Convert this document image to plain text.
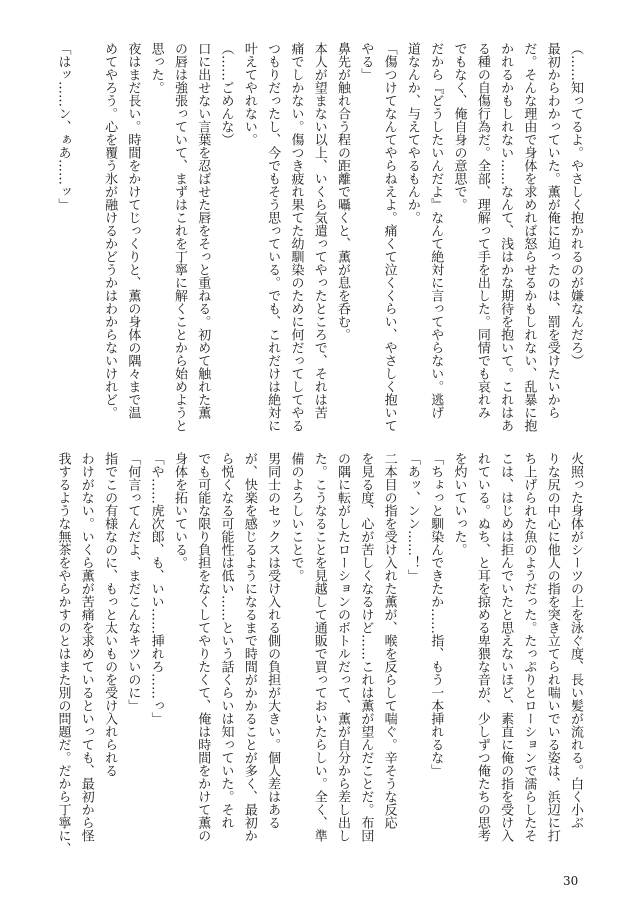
（……知ってるよ。やさしく抱かれるのが嫌なんだろ）
最初からわかっていた。薫が俺に迫ったのは、罰を受けたいから
だ。そんな理由で身体を求めれば怒らせるかもしれない、乱暴に抱
かれるかもしれない……なんて、浅はかな期待を抱いて。これはあ
る種の自傷行為だ。全部、理解って手を出した。同情でも哀れみ
でもなく、俺自身の意思で。
だから『どうしたいんだよ』なんて絶対に言ってやらない。逃げ
道なんか、与えてやるもんか。
「傷つけてなんてやらねえよ。痛くて泣くくらい、やさしく抱いて
やる」
鼻先が触れ合う程の距離で囁くと、薫が息を呑む。
本人が望まない以上、いくら気遣ってやったところで、それは苦
痛でしかない。傷つき疲れ果てた幼馴染のために何だってしてやる
つもりだったし、今でもそう思っている。でも、これだけは絶対に
叶えてやれない。
（……ごめんな）
口に出せない言葉を忍ばせた唇をそっと重ねる。初めて触れた薫
の唇は強張っていて、まずはこれを丁寧に解くことから始めようと
思った。
夜はまだ長い。時間をかけてじっくりと、薫の身体の隅々まで温
めてやろう。心を覆う氷が融けるかどうかはわからないけれど。

「はッ……ン、ぁあ……ッ」
火照った身体がシーツの上を泳ぐ度、長い髪が流れる。白く小ぶ
りな尻の中心に他人の指を突き立てられ喘いでいる姿は、浜辺に打
ち上げられた魚のようだった。たっぷりとローションで濡らしたそ
こは、はじめは拒んでいたと思えないほど、素直に俺の指を受け入
れている。ぬち、と耳を掠める卑猥な音が、少しずつ俺たちの思考
を灼いていった。
「ちょっと馴染んできたか……指、もう一本挿れるな」
「あッ、ンン……！」
二本目の指を受け入れた薫が、喉を反らして喘ぐ。辛そうな反応
を見る度、心が苦しくなるけど……これは薫が望んだことだ。布団
の隅に転がしたローションのボトルだって、薫が自分から差し出し
た。こうなることを見越して通販で買っておいたらしい。全く、準
備のよろしいことで。
男同士のセックスは受け入れる側の負担が大きい。個人差はある
が、快楽を感じるようになるまで時間がかかることが多く、最初か
ら悦くなる可能性は低い……という話くらいは知っていた。それ
でも可能な限り負担をなくしてやりたくて、俺は時間をかけて薫の
身体を拓いている。
「や……虎次郎、も、いい……挿れろ……っ」
「何言ってんだよ、まだこんなキツいのに」
指でこの有様なのに、もっと太いものを受け入れられる
わけがない。いくら薫が苦痛を求めているといっても、最初から怪
我するような無茶をやらかすのとはまた別の問題だ。だから丁寧に、
30
